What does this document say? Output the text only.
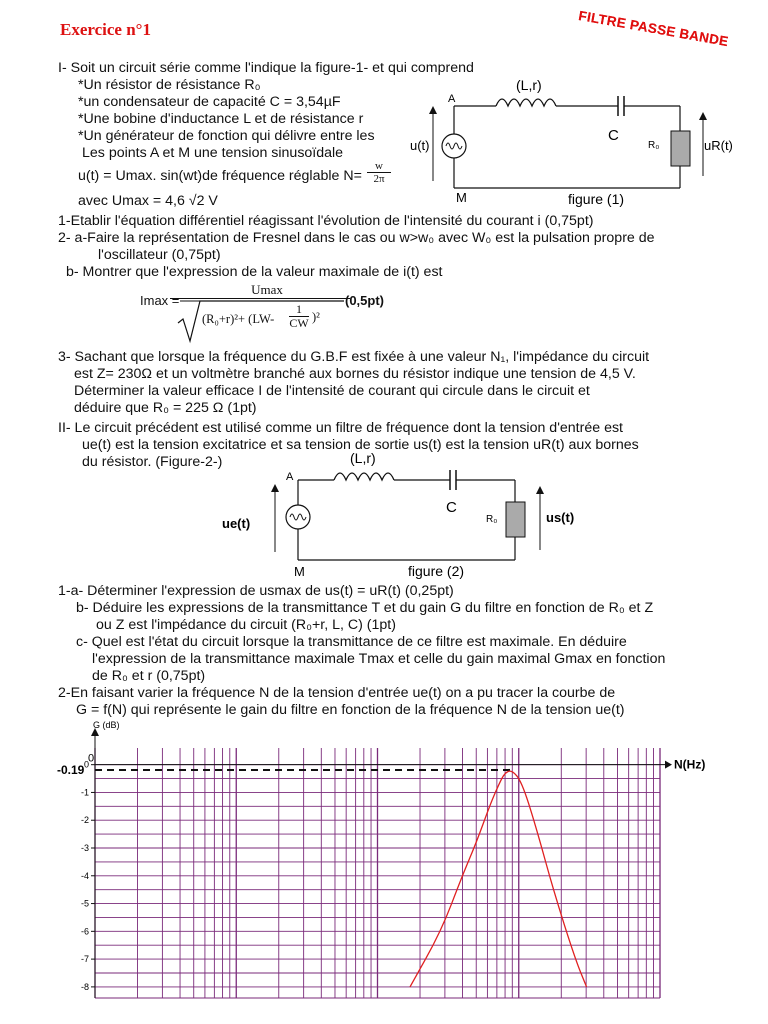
Exercice n°1	FILTRE PASSE BANDE
I- Soit un circuit série comme l'indique la figure-1- et qui comprend
*Un résistor de résistance R₀
*un condensateur de capacité C = 3,54µF
*Une bobine d'inductance L et de résistance r
*Un générateur de fonction qui délivre entre les
Les points A et M une tension sinusoïdale
u(t) = Umax. sin(wt)de fréquence réglable $N= \frac{w}{2\pi}$
avec Umax = 4,6 √2 V
1-Etablir l'équation différentiel réagissant l'évolution de l'intensité du courant i (0,75pt)
2- a-Faire la représentation de Fresnel dans le cas ou w>w₀ avec W₀ est la pulsation propre de
l'oscillateur (0,75pt)
b- Montrer que l'expression de la valeur maximale de i(t) est
Imax =
Umax
$(R_0+r)^2+ (LW- \frac{1}{CW} )^2$
(0,5pt)
3- Sachant que lorsque la fréquence du G.B.F est fixée à une valeur N₁, l'impédance du circuit
est Z= 230Ω et un voltmètre branché aux bornes du résistor indique une tension de 4,5 V.
Déterminer la valeur efficace I de l'intensité de courant qui circule dans le circuit et
déduire que R₀ = 225 Ω (1pt)
A
M
(L,r)
C
R₀
u(t)	uR(t)
figure (1)
II- Le circuit précédent est utilisé comme un filtre de fréquence dont la tension d'entrée est
ue(t) est la tension excitatrice et sa tension de sortie us(t) est la tension uR(t) aux bornes
du résistor. (Figure-2-)
A
M
(L,r)
C
R₀
ue(t)	us(t)
figure (2)
1-a- Déterminer l'expression de usmax de us(t) = uR(t) (0,25pt)
b- Déduire les expressions de la transmittance T et du gain G du filtre en fonction de R₀ et Z
ou Z est l'impédance du circuit (R₀+r, L, C) (1pt)
c- Quel est l'état du circuit lorsque la transmittance de ce filtre est maximale. En déduire
l'expression de la transmittance maximale Tmax et celle du gain maximal Gmax en fonction
de R₀ et r (0,75pt)
2-En faisant varier la fréquence N de la tension d'entrée ue(t) on a pu tracer la courbe de
G = f(N) qui représente le gain du filtre en fonction de la fréquence N de la tension ue(t)
0
-1
-2
-3
-4
-5
-6
-7
-8
0
-0.19
G (dB)
N(Hz)
